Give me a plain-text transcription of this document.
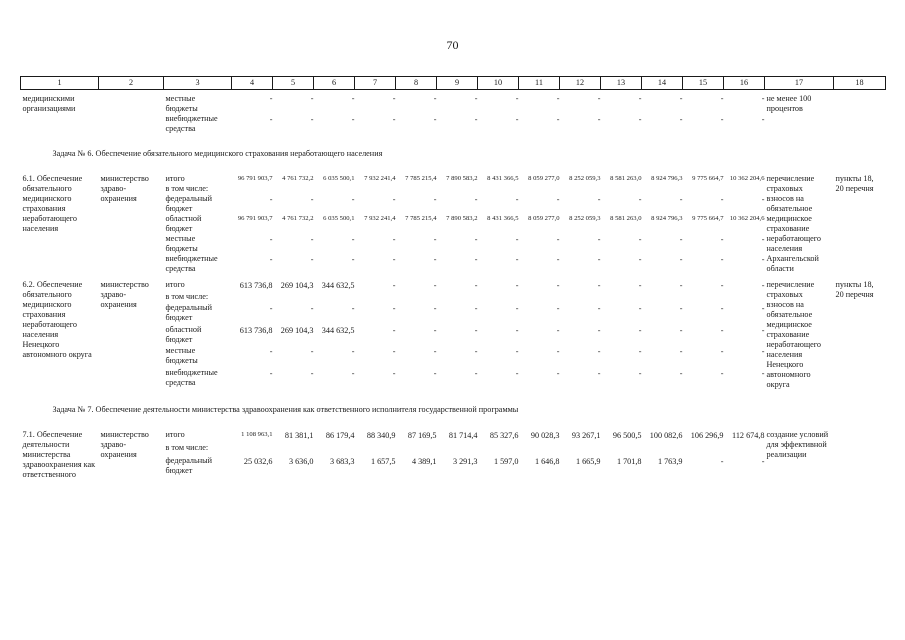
70
1	2	3	4	5	6	7	8	9	10	11	12	13	14	15	16	17	18
медицинскими организациями		местные бюджеты	-	-	-	-	-	-	-	-	-	-	-	-	-	не менее 100 процентов	
		внебюджетные средства	-	-	-	-	-	-	-	-	-	-	-	-	-		
Задача № 6. Обеспечение обязательного медицинского страхования неработающего населения																	
6.1. Обеспечение обязательного медицинского страхования неработающего населения	министерство здраво- охранения	итого	96 791 903,7	4 761 732,2	6 035 500,1	7 932 241,4	7 785 215,4	7 890 583,2	8 431 366,5	8 059 277,0	8 252 059,3	8 581 263,0	8 924 796,3	9 775 664,7	10 362 204,6	перечисление страховых взносов на обязательное медицинское страхование неработающего населения Архангельской области	пункты 18, 20 перечня
		в том числе:															
		федеральный бюджет	-	-	-	-	-	-	-	-	-	-	-	-	-		
		областной бюджет	96 791 903,7	4 761 732,2	6 035 500,1	7 932 241,4	7 785 215,4	7 890 583,2	8 431 366,5	8 059 277,0	8 252 059,3	8 581 263,0	8 924 796,3	9 775 664,7	10 362 204,6		
		местные бюджеты	-	-	-	-	-	-	-	-	-	-	-	-	-		
		внебюджетные средства	-	-	-	-	-	-	-	-	-	-	-	-	-		

6.2. Обеспечение обязательного медицинского страхования неработающего населения Ненецкого автономного округа	министерство здраво- охранения	итого	613 736,8	269 104,3	344 632,5	-	-	-	-	-	-	-	-	-	-	перечисление страховых взносов на обязательное медицинское страхование неработающего населения Ненецкого автономного округа	пункты 18, 20 перечня
		в том числе:															
		федеральный бюджет	-	-	-	-	-	-	-	-	-	-	-	-	-		
		областной бюджет	613 736,8	269 104,3	344 632,5	-	-	-	-	-	-	-	-	-	-		
		местные бюджеты	-	-	-	-	-	-	-	-	-	-	-	-	-		
		внебюджетные средства	-	-	-	-	-	-	-	-	-	-	-	-	-		
Задача № 7. Обеспечение деятельности министерства здравоохранения как ответственного исполнителя государственной программы																	
7.1. Обеспечение деятельности министерства здравоохранения как ответственного	министерство здраво- охранения	итого	1 108 963,1	81 381,1	86 179,4	88 340,9	87 169,5	81 714,4	85 327,6	90 028,3	93 267,1	96 500,5	100 082,6	106 296,9	112 674,8	создание условий для эффективной реализации	
		в том числе:															
		федеральный бюджет	25 032,6	3 636,0	3 683,3	1 657,5	4 389,1	3 291,3	1 597,0	1 646,8	1 665,9	1 701,8	1 763,9	-	-		
